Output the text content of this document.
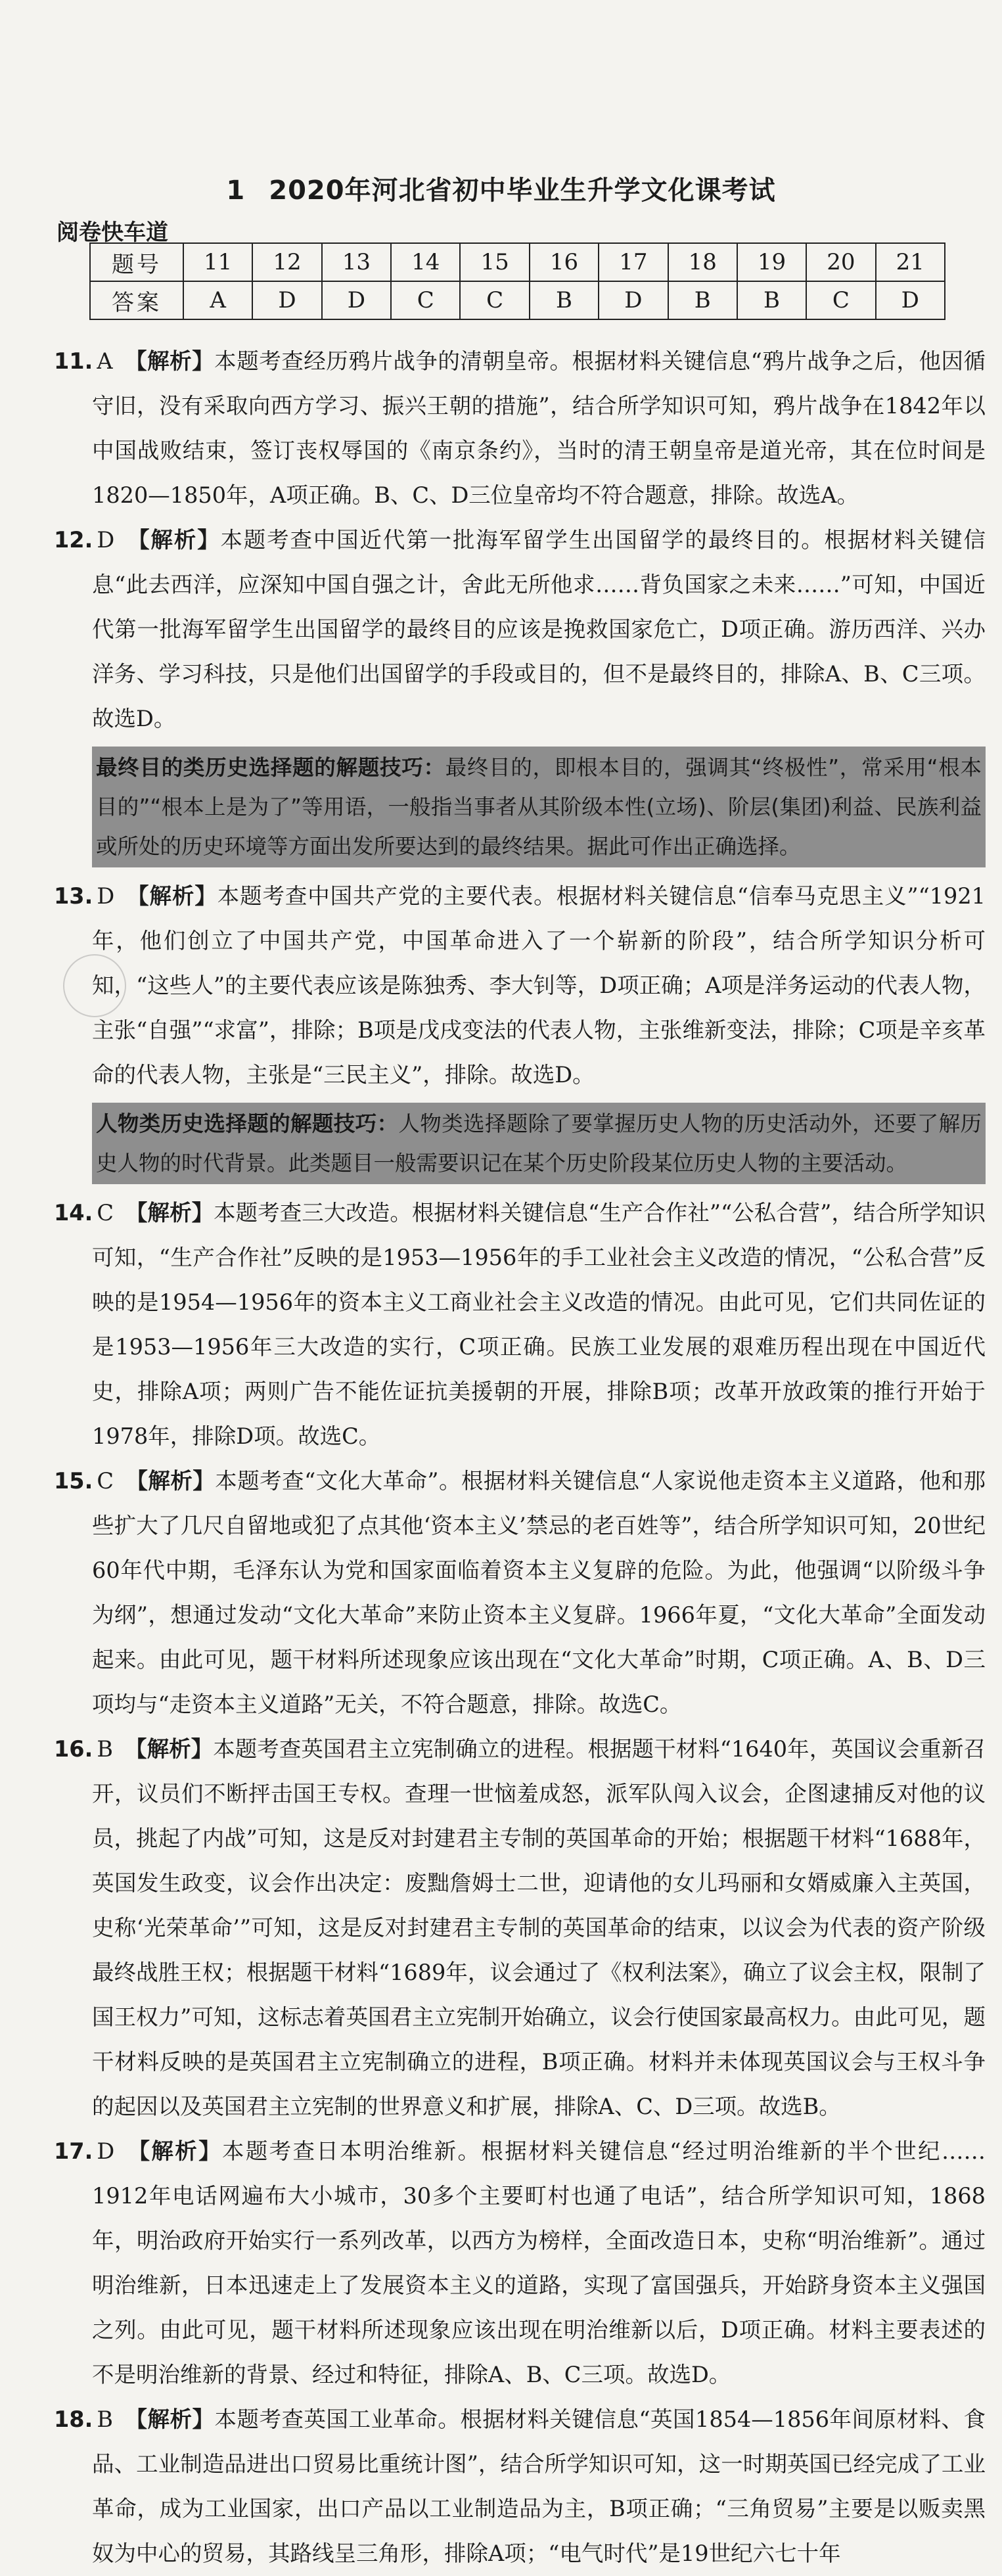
1 2020年河北省初中毕业生升学文化课考试
阅卷快车道
题号	11	12	13	14	15	16	17	18	19	20	21
答案	A	D	D	C	C	B	D	B	B	C	D
11. A 【解析】本题考查经历鸦片战争的清朝皇帝。根据材料关键信息“鸦片战争之后，他因循守旧，没有采取向西方学习、振兴王朝的措施”，结合所学知识可知，鸦片战争在1842年以中国战败结束，签订丧权辱国的《南京条约》，当时的清王朝皇帝是道光帝，其在位时间是1820—1850年，A项正确。B、C、D三位皇帝均不符合题意，排除。故选A。
12. D 【解析】本题考查中国近代第一批海军留学生出国留学的最终目的。根据材料关键信息“此去西洋，应深知中国自强之计，舍此无所他求……背负国家之未来……”可知，中国近代第一批海军留学生出国留学的最终目的应该是挽救国家危亡，D项正确。游历西洋、兴办洋务、学习科技，只是他们出国留学的手段或目的，但不是最终目的，排除A、B、C三项。故选D。
最终目的类历史选择题的解题技巧：最终目的，即根本目的，强调其“终极性”，常采用“根本目的”“根本上是为了”等用语，一般指当事者从其阶级本性(立场)、阶层(集团)利益、民族利益或所处的历史环境等方面出发所要达到的最终结果。据此可作出正确选择。
13. D 【解析】本题考查中国共产党的主要代表。根据材料关键信息“信奉马克思主义”“1921年，他们创立了中国共产党，中国革命进入了一个崭新的阶段”，结合所学知识分析可知，“这些人”的主要代表应该是陈独秀、李大钊等，D项正确；A项是洋务运动的代表人物，主张“自强”“求富”，排除；B项是戊戌变法的代表人物，主张维新变法，排除；C项是辛亥革命的代表人物，主张是“三民主义”，排除。故选D。
人物类历史选择题的解题技巧：人物类选择题除了要掌握历史人物的历史活动外，还要了解历史人物的时代背景。此类题目一般需要识记在某个历史阶段某位历史人物的主要活动。
14. C 【解析】本题考查三大改造。根据材料关键信息“生产合作社”“公私合营”，结合所学知识可知，“生产合作社”反映的是1953—1956年的手工业社会主义改造的情况，“公私合营”反映的是1954—1956年的资本主义工商业社会主义改造的情况。由此可见，它们共同佐证的是1953—1956年三大改造的实行，C项正确。民族工业发展的艰难历程出现在中国近代史，排除A项；两则广告不能佐证抗美援朝的开展，排除B项；改革开放政策的推行开始于1978年，排除D项。故选C。
15. C 【解析】本题考查“文化大革命”。根据材料关键信息“人家说他走资本主义道路，他和那些扩大了几尺自留地或犯了点其他‘资本主义’禁忌的老百姓等”，结合所学知识可知，20世纪60年代中期，毛泽东认为党和国家面临着资本主义复辟的危险。为此，他强调“以阶级斗争为纲”，想通过发动“文化大革命”来防止资本主义复辟。1966年夏，“文化大革命”全面发动起来。由此可见，题干材料所述现象应该出现在“文化大革命”时期，C项正确。A、B、D三项均与“走资本主义道路”无关，不符合题意，排除。故选C。
16. B 【解析】本题考查英国君主立宪制确立的进程。根据题干材料“1640年，英国议会重新召开，议员们不断抨击国王专权。查理一世恼羞成怒，派军队闯入议会，企图逮捕反对他的议员，挑起了内战”可知，这是反对封建君主专制的英国革命的开始；根据题干材料“1688年，英国发生政变，议会作出决定：废黜詹姆士二世，迎请他的女儿玛丽和女婿威廉入主英国，史称‘光荣革命’”可知，这是反对封建君主专制的英国革命的结束，以议会为代表的资产阶级最终战胜王权；根据题干材料“1689年，议会通过了《权利法案》，确立了议会主权，限制了国王权力”可知，这标志着英国君主立宪制开始确立，议会行使国家最高权力。由此可见，题干材料反映的是英国君主立宪制确立的进程，B项正确。材料并未体现英国议会与王权斗争的起因以及英国君主立宪制的世界意义和扩展，排除A、C、D三项。故选B。
17. D 【解析】本题考查日本明治维新。根据材料关键信息“经过明治维新的半个世纪……1912年电话网遍布大小城市，30多个主要町村也通了电话”，结合所学知识可知，1868年，明治政府开始实行一系列改革，以西方为榜样，全面改造日本，史称“明治维新”。通过明治维新，日本迅速走上了发展资本主义的道路，实现了富国强兵，开始跻身资本主义强国之列。由此可见，题干材料所述现象应该出现在明治维新以后，D项正确。材料主要表述的不是明治维新的背景、经过和特征，排除A、B、C三项。故选D。
18. B 【解析】本题考查英国工业革命。根据材料关键信息“英国1854—1856年间原材料、食品、工业制造品进出口贸易比重统计图”，结合所学知识可知，这一时期英国已经完成了工业革命，成为工业国家，出口产品以工业制造品为主，B项正确；“三角贸易”主要是以贩卖黑奴为中心的贸易，其路线呈三角形，排除A项；“电气时代”是19世纪六七十年
